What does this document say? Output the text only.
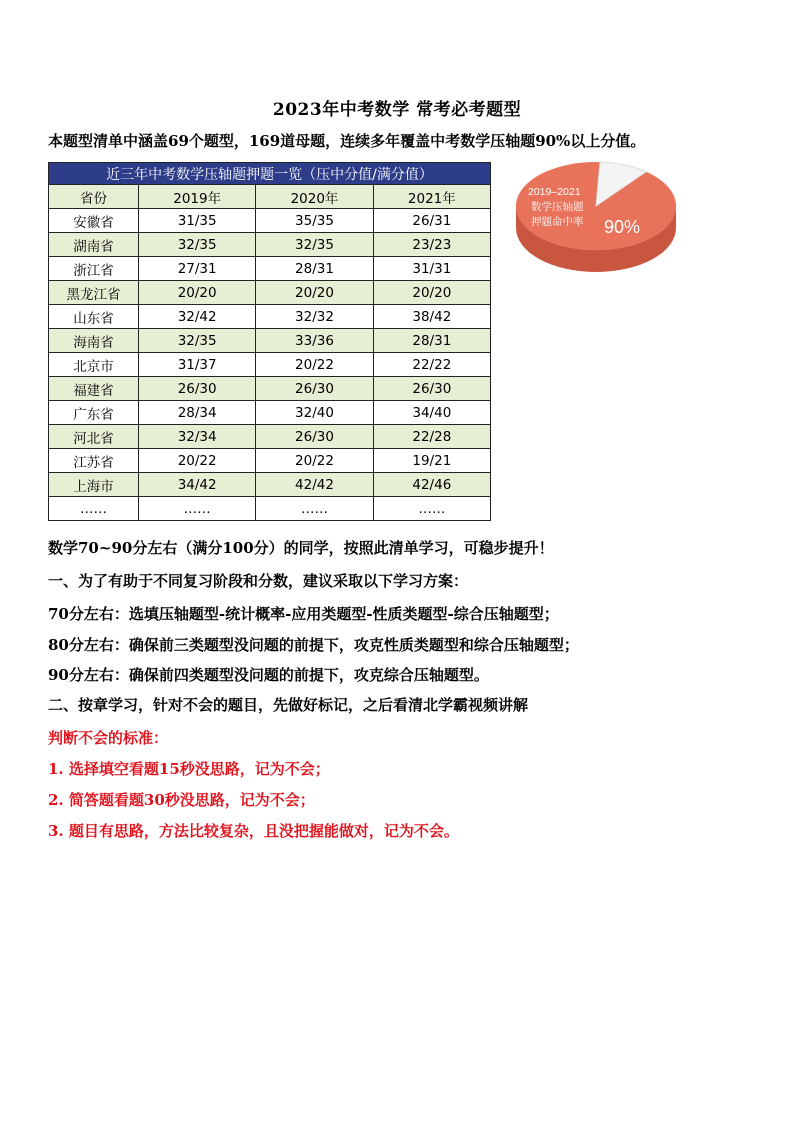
2023年中考数学 常考必考题型
本题型清单中涵盖69个题型，169道母题，连续多年覆盖中考数学压轴题90%以上分值。
近三年中考数学压轴题押题一览（压中分值/满分值）			
省份	2019年	2020年	2021年
安徽省	31/35	35/35	26/31
湖南省	32/35	32/35	23/23
浙江省	27/31	28/31	31/31
黑龙江省	20/20	20/20	20/20
山东省	32/42	32/32	38/42
海南省	32/35	33/36	28/31
北京市	31/37	20/22	22/22
福建省	26/30	26/30	26/30
广东省	28/34	32/40	34/40
河北省	32/34	26/30	22/28
江苏省	20/22	20/22	19/21
上海市	34/42	42/42	42/46
……	……	……	……
2019–2021
数学压轴题
押题命中率 90%
数学70~90分左右（满分100分）的同学，按照此清单学习，可稳步提升！
一、为了有助于不同复习阶段和分数，建议采取以下学习方案：
70分左右：选填压轴题型-统计概率-应用类题型-性质类题型-综合压轴题型；
80分左右：确保前三类题型没问题的前提下，攻克性质类题型和综合压轴题型；
90分左右：确保前四类题型没问题的前提下，攻克综合压轴题型。
二、按章学习，针对不会的题目，先做好标记，之后看清北学霸视频讲解
判断不会的标准：
1. 选择填空看题15秒没思路，记为不会；
2. 简答题看题30秒没思路，记为不会；
3. 题目有思路，方法比较复杂，且没把握能做对，记为不会。
